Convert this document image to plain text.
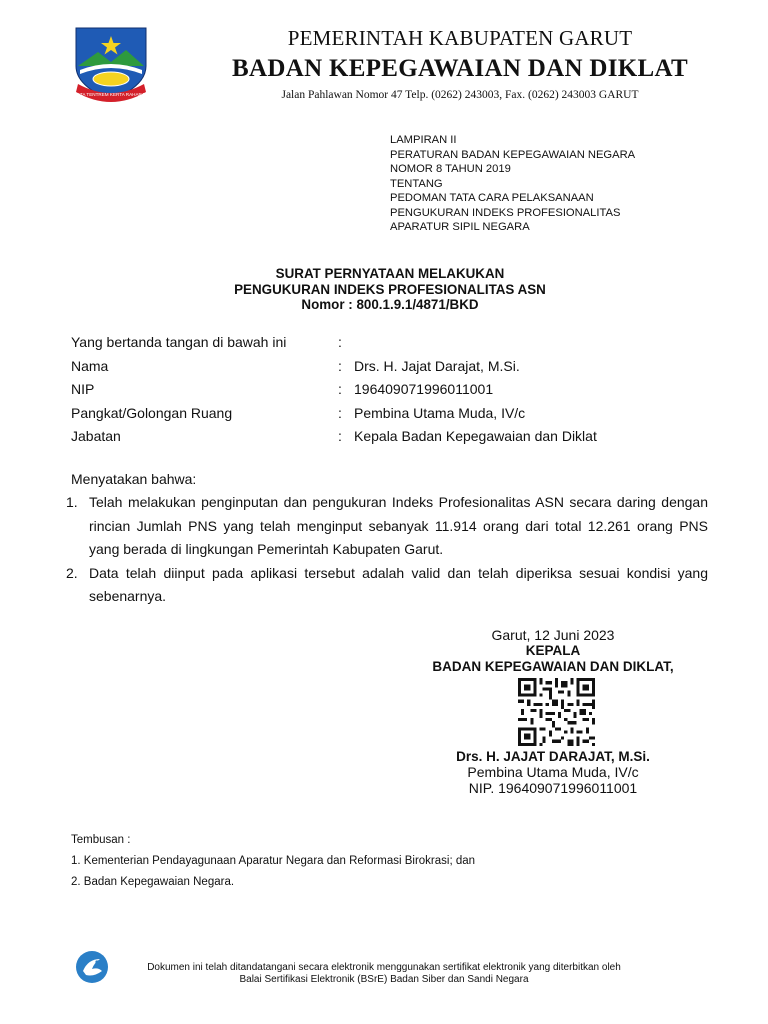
TATA TENTREM KERTA RAHARJA
PEMERINTAH KABUPATEN GARUT
BADAN KEPEGAWAIAN DAN DIKLAT
Jalan Pahlawan Nomor 47 Telp. (0262) 243003, Fax. (0262) 243003 GARUT
LAMPIRAN II
PERATURAN BADAN KEPEGAWAIAN NEGARA
NOMOR 8 TAHUN 2019
TENTANG
PEDOMAN TATA CARA PELAKSANAAN
PENGUKURAN INDEKS PROFESIONALITAS
APARATUR SIPIL NEGARA
SURAT PERNYATAAN MELAKUKAN
PENGUKURAN INDEKS PROFESIONALITAS ASN
Nomor : 800.1.9.1/4871/BKD
Yang bertanda tangan di bawah ini	:
Nama	: Drs. H. Jajat Darajat, M.Si.
NIP	: 196409071996011001
Pangkat/Golongan Ruang	: Pembina Utama Muda, IV/c
Jabatan	: Kepala Badan Kepegawaian dan Diklat
Menyatakan bahwa:
1. Telah melakukan penginputan dan pengukuran Indeks Profesionalitas ASN secara daring dengan rincian Jumlah PNS yang telah menginput sebanyak 11.914 orang dari total 12.261 orang PNS yang berada di lingkungan Pemerintah Kabupaten Garut.
2. Data telah diinput pada aplikasi tersebut adalah valid dan telah diperiksa sesuai kondisi yang sebenarnya.
Garut, 12 Juni 2023
KEPALA
BADAN KEPEGAWAIAN DAN DIKLAT,
Drs. H. JAJAT DARAJAT, M.Si.
Pembina Utama Muda, IV/c
NIP. 196409071996011001
Tembusan :
1. Kementerian Pendayagunaan Aparatur Negara dan Reformasi Birokrasi; dan
2. Badan Kepegawaian Negara.
Dokumen ini telah ditandatangani secara elektronik menggunakan sertifikat elektronik yang diterbitkan oleh
Balai Sertifikasi Elektronik (BSrE) Badan Siber dan Sandi Negara
